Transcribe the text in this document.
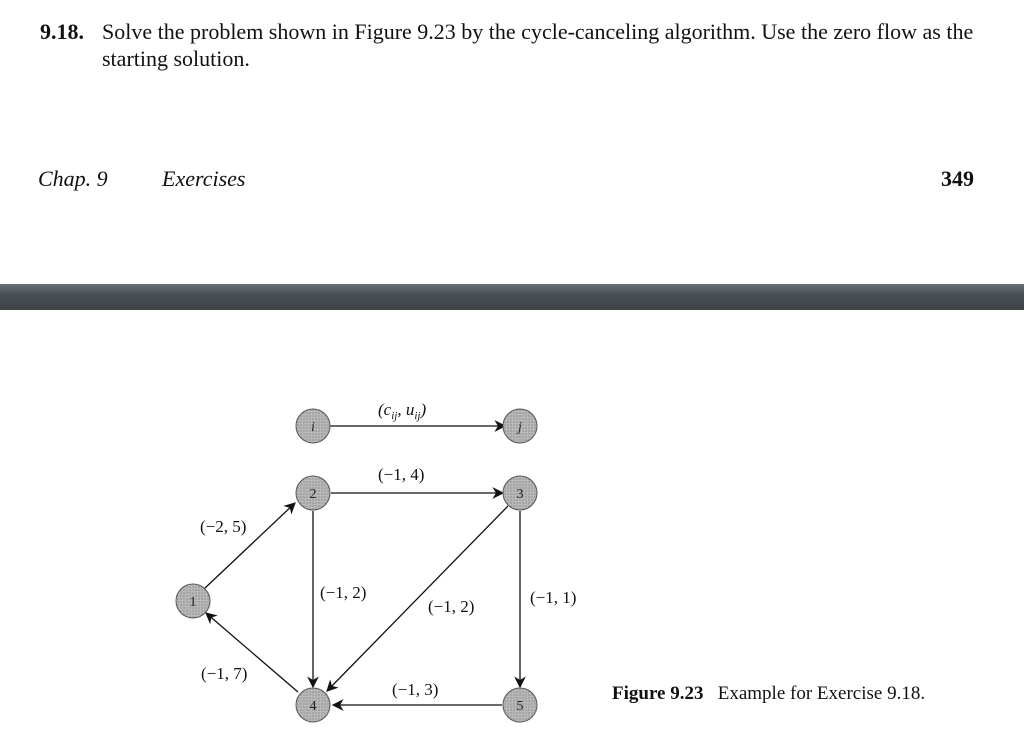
9.18. Solve the problem shown in Figure 9.23 by the cycle-canceling algorithm. Use the zero flow as the starting solution.
Chap. 9 Exercises	349
($c_{ij}$, $u_{ij}$)
i	j
1
2	3
4	5
(−2, 5)
(−1, 4)
(−1, 2)
(−1, 2)	(−1, 1)
(−1, 3)
(−1, 7)
Figure 9.23 Example for Exercise 9.18.
